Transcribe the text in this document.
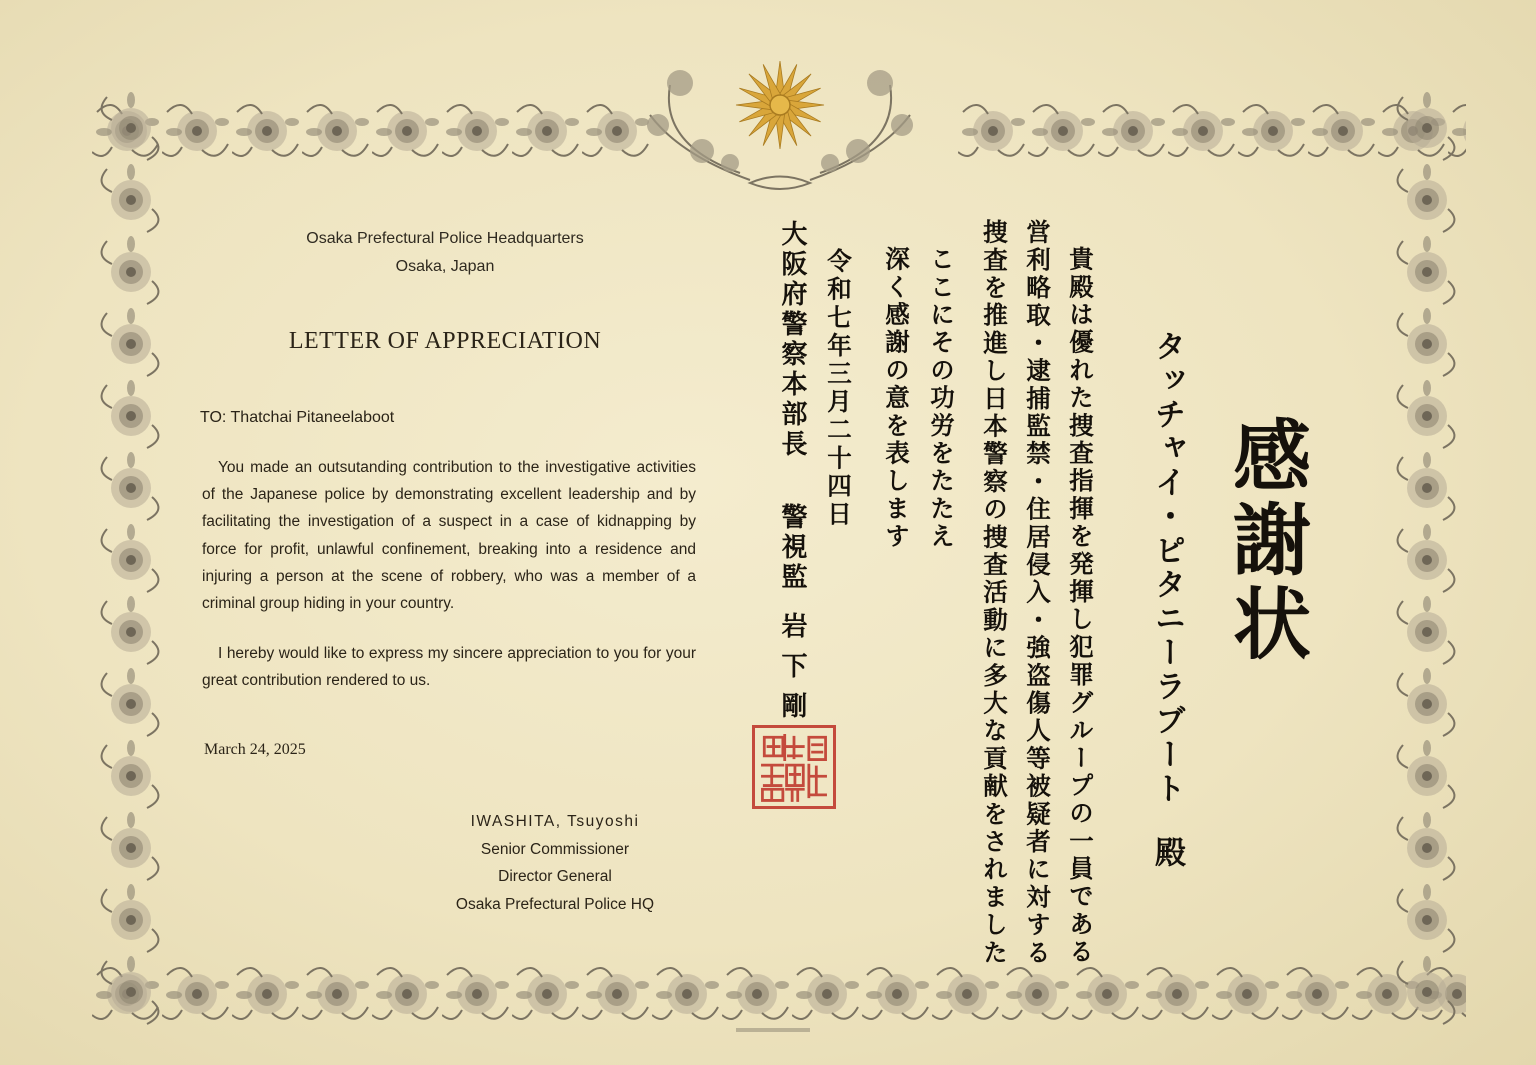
Osaka Prefectural Police Headquarters
Osaka, Japan
LETTER OF APPRECIATION
TO: Thatchai Pitaneelaboot
You made an outsutanding contribution to the investigative activities of the Japanese police by demonstrating excellent leadership and by facilitating the investigation of a suspect in a case of kidnapping by force for profit, unlawful confinement, breaking into a residence and injuring a person at the scene of robbery, who was a member of a criminal group hiding in your country.
I hereby would like to express my sincere appreciation to you for your great contribution rendered to us.
March 24, 2025
IWASHITA, Tsuyoshi
Senior Commissioner
Director General
Osaka Prefectural Police HQ
感謝状
タッチャイ・ピタニーラブート
殿
貴殿は優れた捜査指揮を発揮し犯罪グループの一員である
営利略取・逮捕監禁・住居侵入・強盗傷人等被疑者に対する
捜査を推進し日本警察の捜査活動に多大な貢献をされました
ここにその功労をたたえ
深く感謝の意を表します
令和七年三月二十四日
大阪府警察本部長
警視監
岩下剛
